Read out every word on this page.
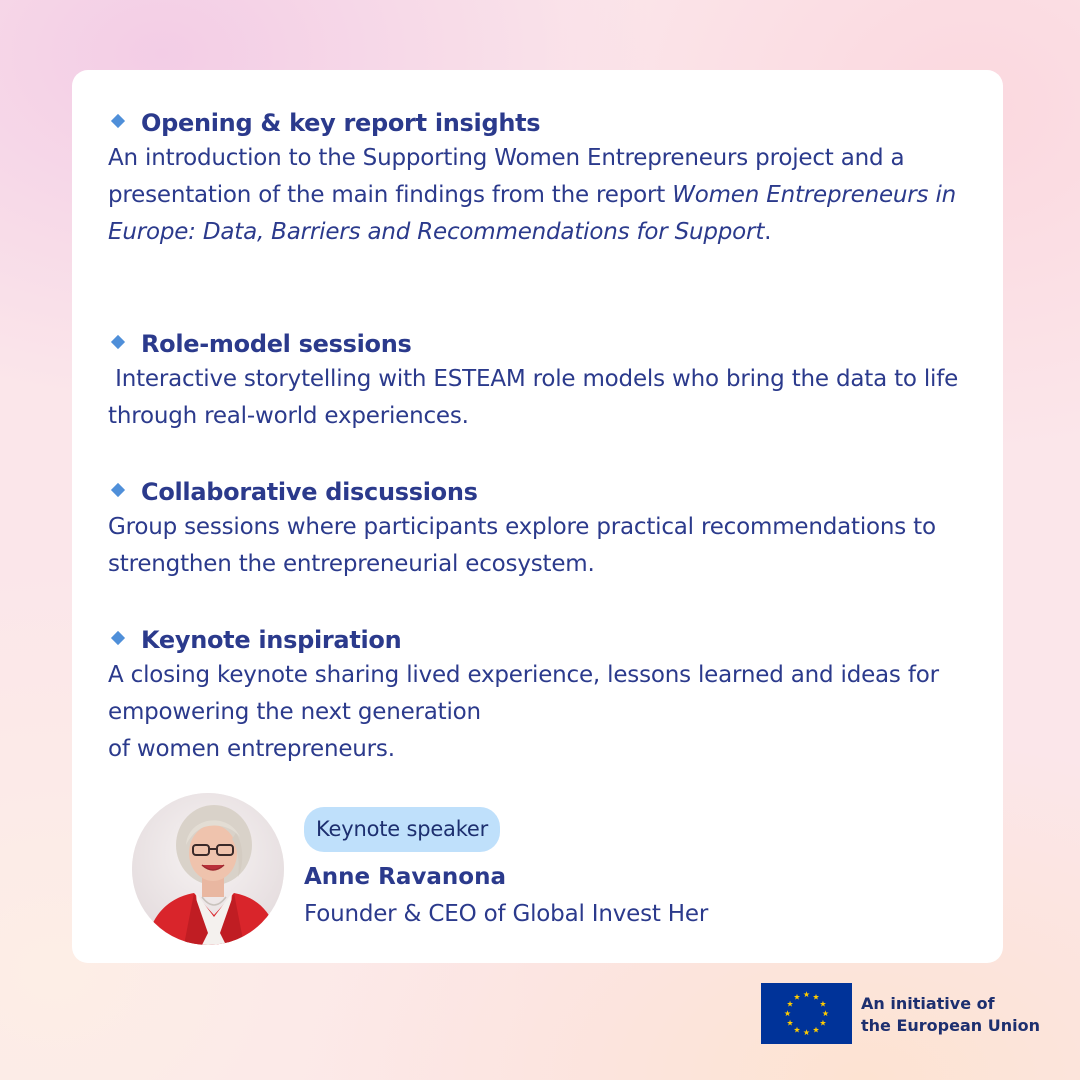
Opening & key report insights

An introduction to the Supporting Women Entrepreneurs project and a presentation of the main findings from the report Women Entrepreneurs in Europe: Data, Barriers and Recommendations for Support.

Role-model sessions

Interactive storytelling with ESTEAM role models who bring the data to life through real-world experiences.

Collaborative discussions

Group sessions where participants explore practical recommendations to strengthen the entrepreneurial ecosystem.

Keynote inspiration

A closing keynote sharing lived experience, lessons learned and ideas for empowering the next generation
of women entrepreneurs.

Keynote speaker
Anne Ravanona
Founder & CEO of Global Invest Her
An initiative of
the European Union
